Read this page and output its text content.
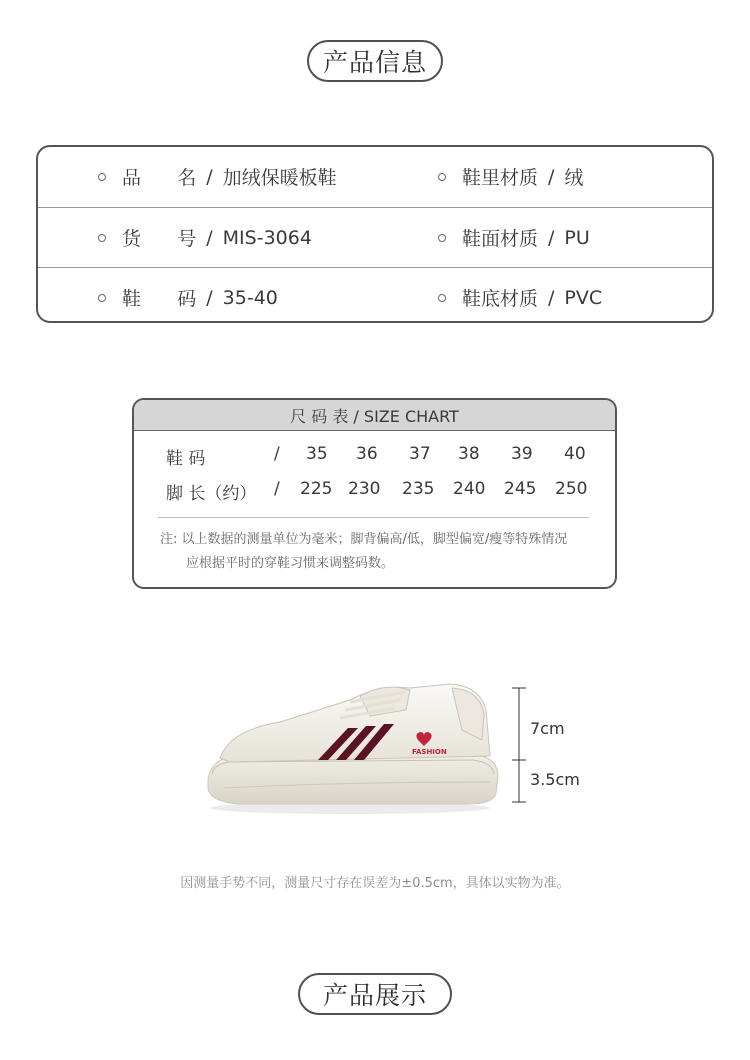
产品信息
品      名 / 加绒保暖板鞋	鞋里材质 / 绒
货      号 / MIS-3064	鞋面材质 / PU
鞋      码 / 35-40	鞋底材质 / PVC
尺 码 表 / SIZE CHART
鞋 码	/ 35 36 37 38 39 40
脚 长（约） / 225 230 235 240 245 250
注: 以上数据的测量单位为毫米；脚背偏高/低，脚型偏宽/瘦等特殊情况
应根据平时的穿鞋习惯来调整码数。
FASHION
7cm
3.5cm
因测量手势不同，测量尺寸存在误差为±0.5cm，具体以实物为准。
产品展示
